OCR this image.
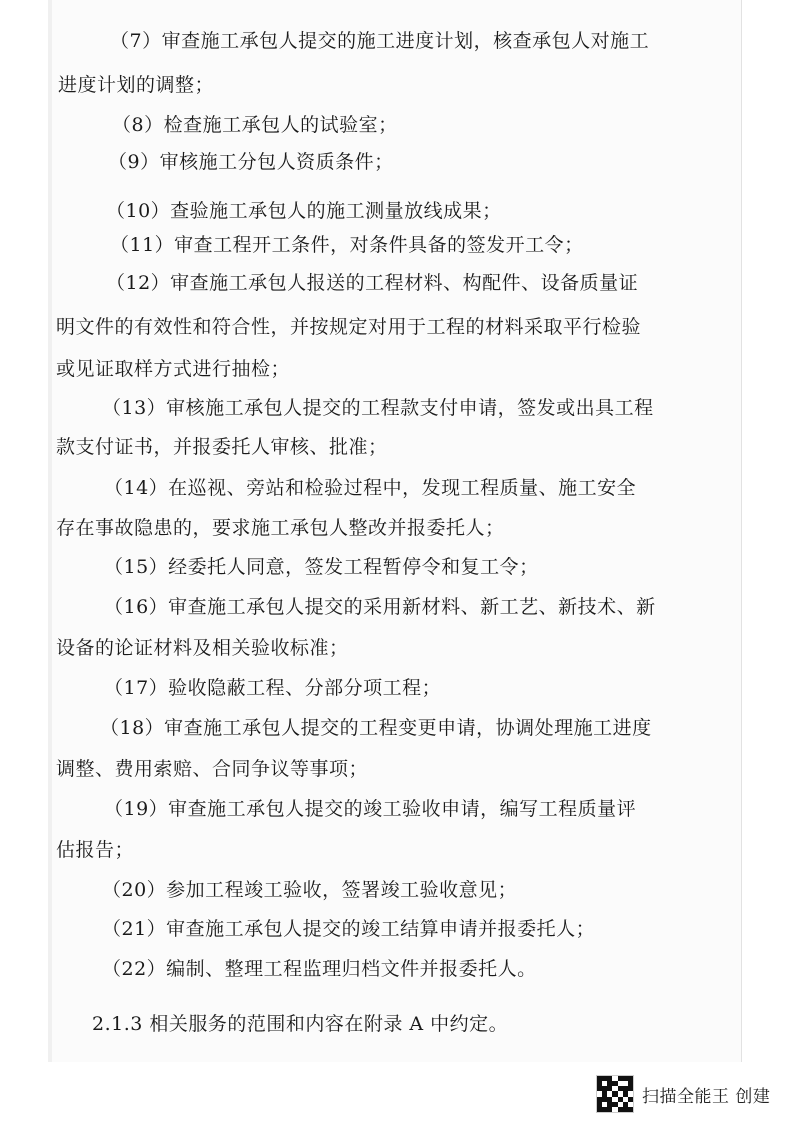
（7）审查施工承包人提交的施工进度计划，核查承包人对施工

进度计划的调整；

（8）检查施工承包人的试验室；

（9）审核施工分包人资质条件；

（10）查验施工承包人的施工测量放线成果；

（11）审查工程开工条件，对条件具备的签发开工令；

（12）审查施工承包人报送的工程材料、构配件、设备质量证

明文件的有效性和符合性，并按规定对用于工程的材料采取平行检验

或见证取样方式进行抽检；

（13）审核施工承包人提交的工程款支付申请，签发或出具工程

款支付证书，并报委托人审核、批准；

（14）在巡视、旁站和检验过程中，发现工程质量、施工安全

存在事故隐患的，要求施工承包人整改并报委托人；

（15）经委托人同意，签发工程暂停令和复工令；

（16）审查施工承包人提交的采用新材料、新工艺、新技术、新

设备的论证材料及相关验收标准；

（17）验收隐蔽工程、分部分项工程；

（18）审查施工承包人提交的工程变更申请，协调处理施工进度

调整、费用索赔、合同争议等事项；

（19）审查施工承包人提交的竣工验收申请，编写工程质量评

估报告；

（20）参加工程竣工验收，签署竣工验收意见；

（21）审查施工承包人提交的竣工结算申请并报委托人；

（22）编制、整理工程监理归档文件并报委托人。

2.1.3 相关服务的范围和内容在附录 A 中约定。

扫描全能王 创建
